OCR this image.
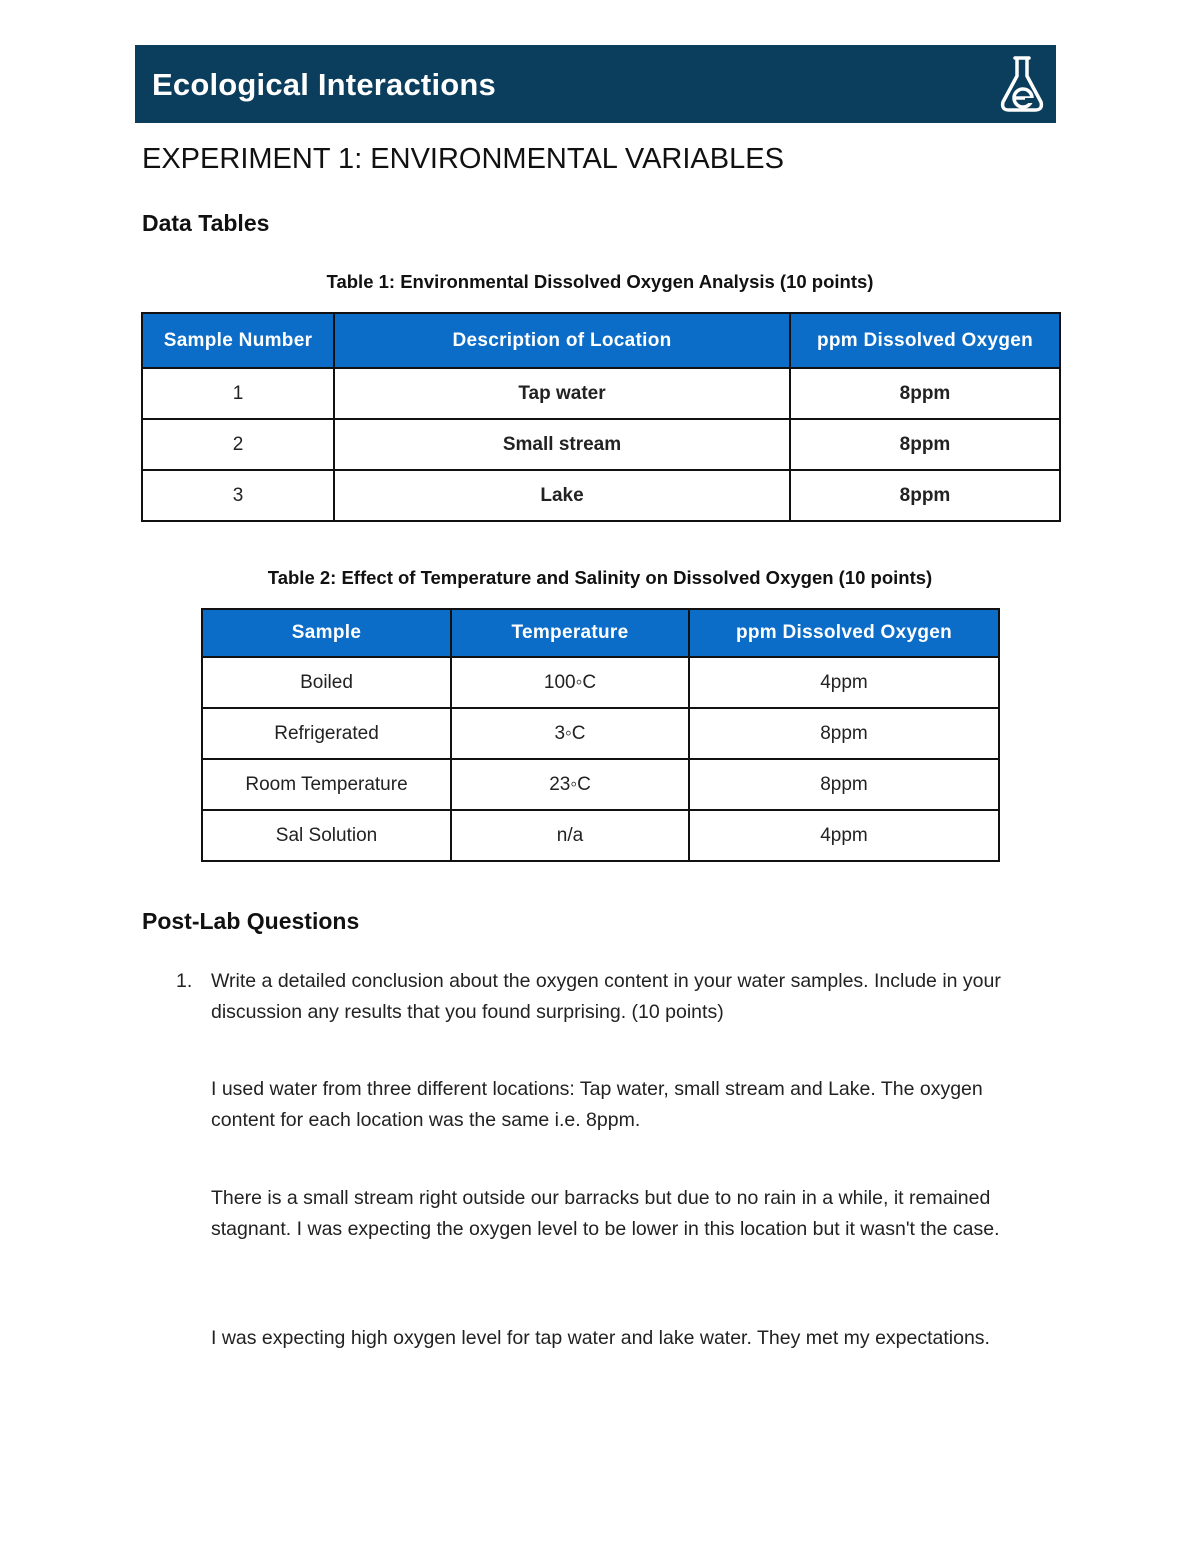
Ecological Interactions
EXPERIMENT 1: ENVIRONMENTAL VARIABLES
Data Tables
Table 1: Environmental Dissolved Oxygen Analysis (10 points)
Sample Number	Description of Location	ppm Dissolved Oxygen
1	Tap water	8ppm
2	Small stream	8ppm
3	Lake	8ppm
Table 2: Effect of Temperature and Salinity on Dissolved Oxygen (10 points)
Sample	Temperature	ppm Dissolved Oxygen
Boiled	100◦C	4ppm
Refrigerated	3◦C	8ppm
Room Temperature	23◦C	8ppm
Sal Solution	n/a	4ppm
Post-Lab Questions
1. Write a detailed conclusion about the oxygen content in your water samples. Include in your discussion any results that you found surprising. (10 points)
I used water from three different locations: Tap water, small stream and Lake. The oxygen content for each location was the same i.e. 8ppm.
There is a small stream right outside our barracks but due to no rain in a while, it remained stagnant. I was expecting the oxygen level to be lower in this location but it wasn't the case.
I was expecting high oxygen level for tap water and lake water. They met my expectations.
